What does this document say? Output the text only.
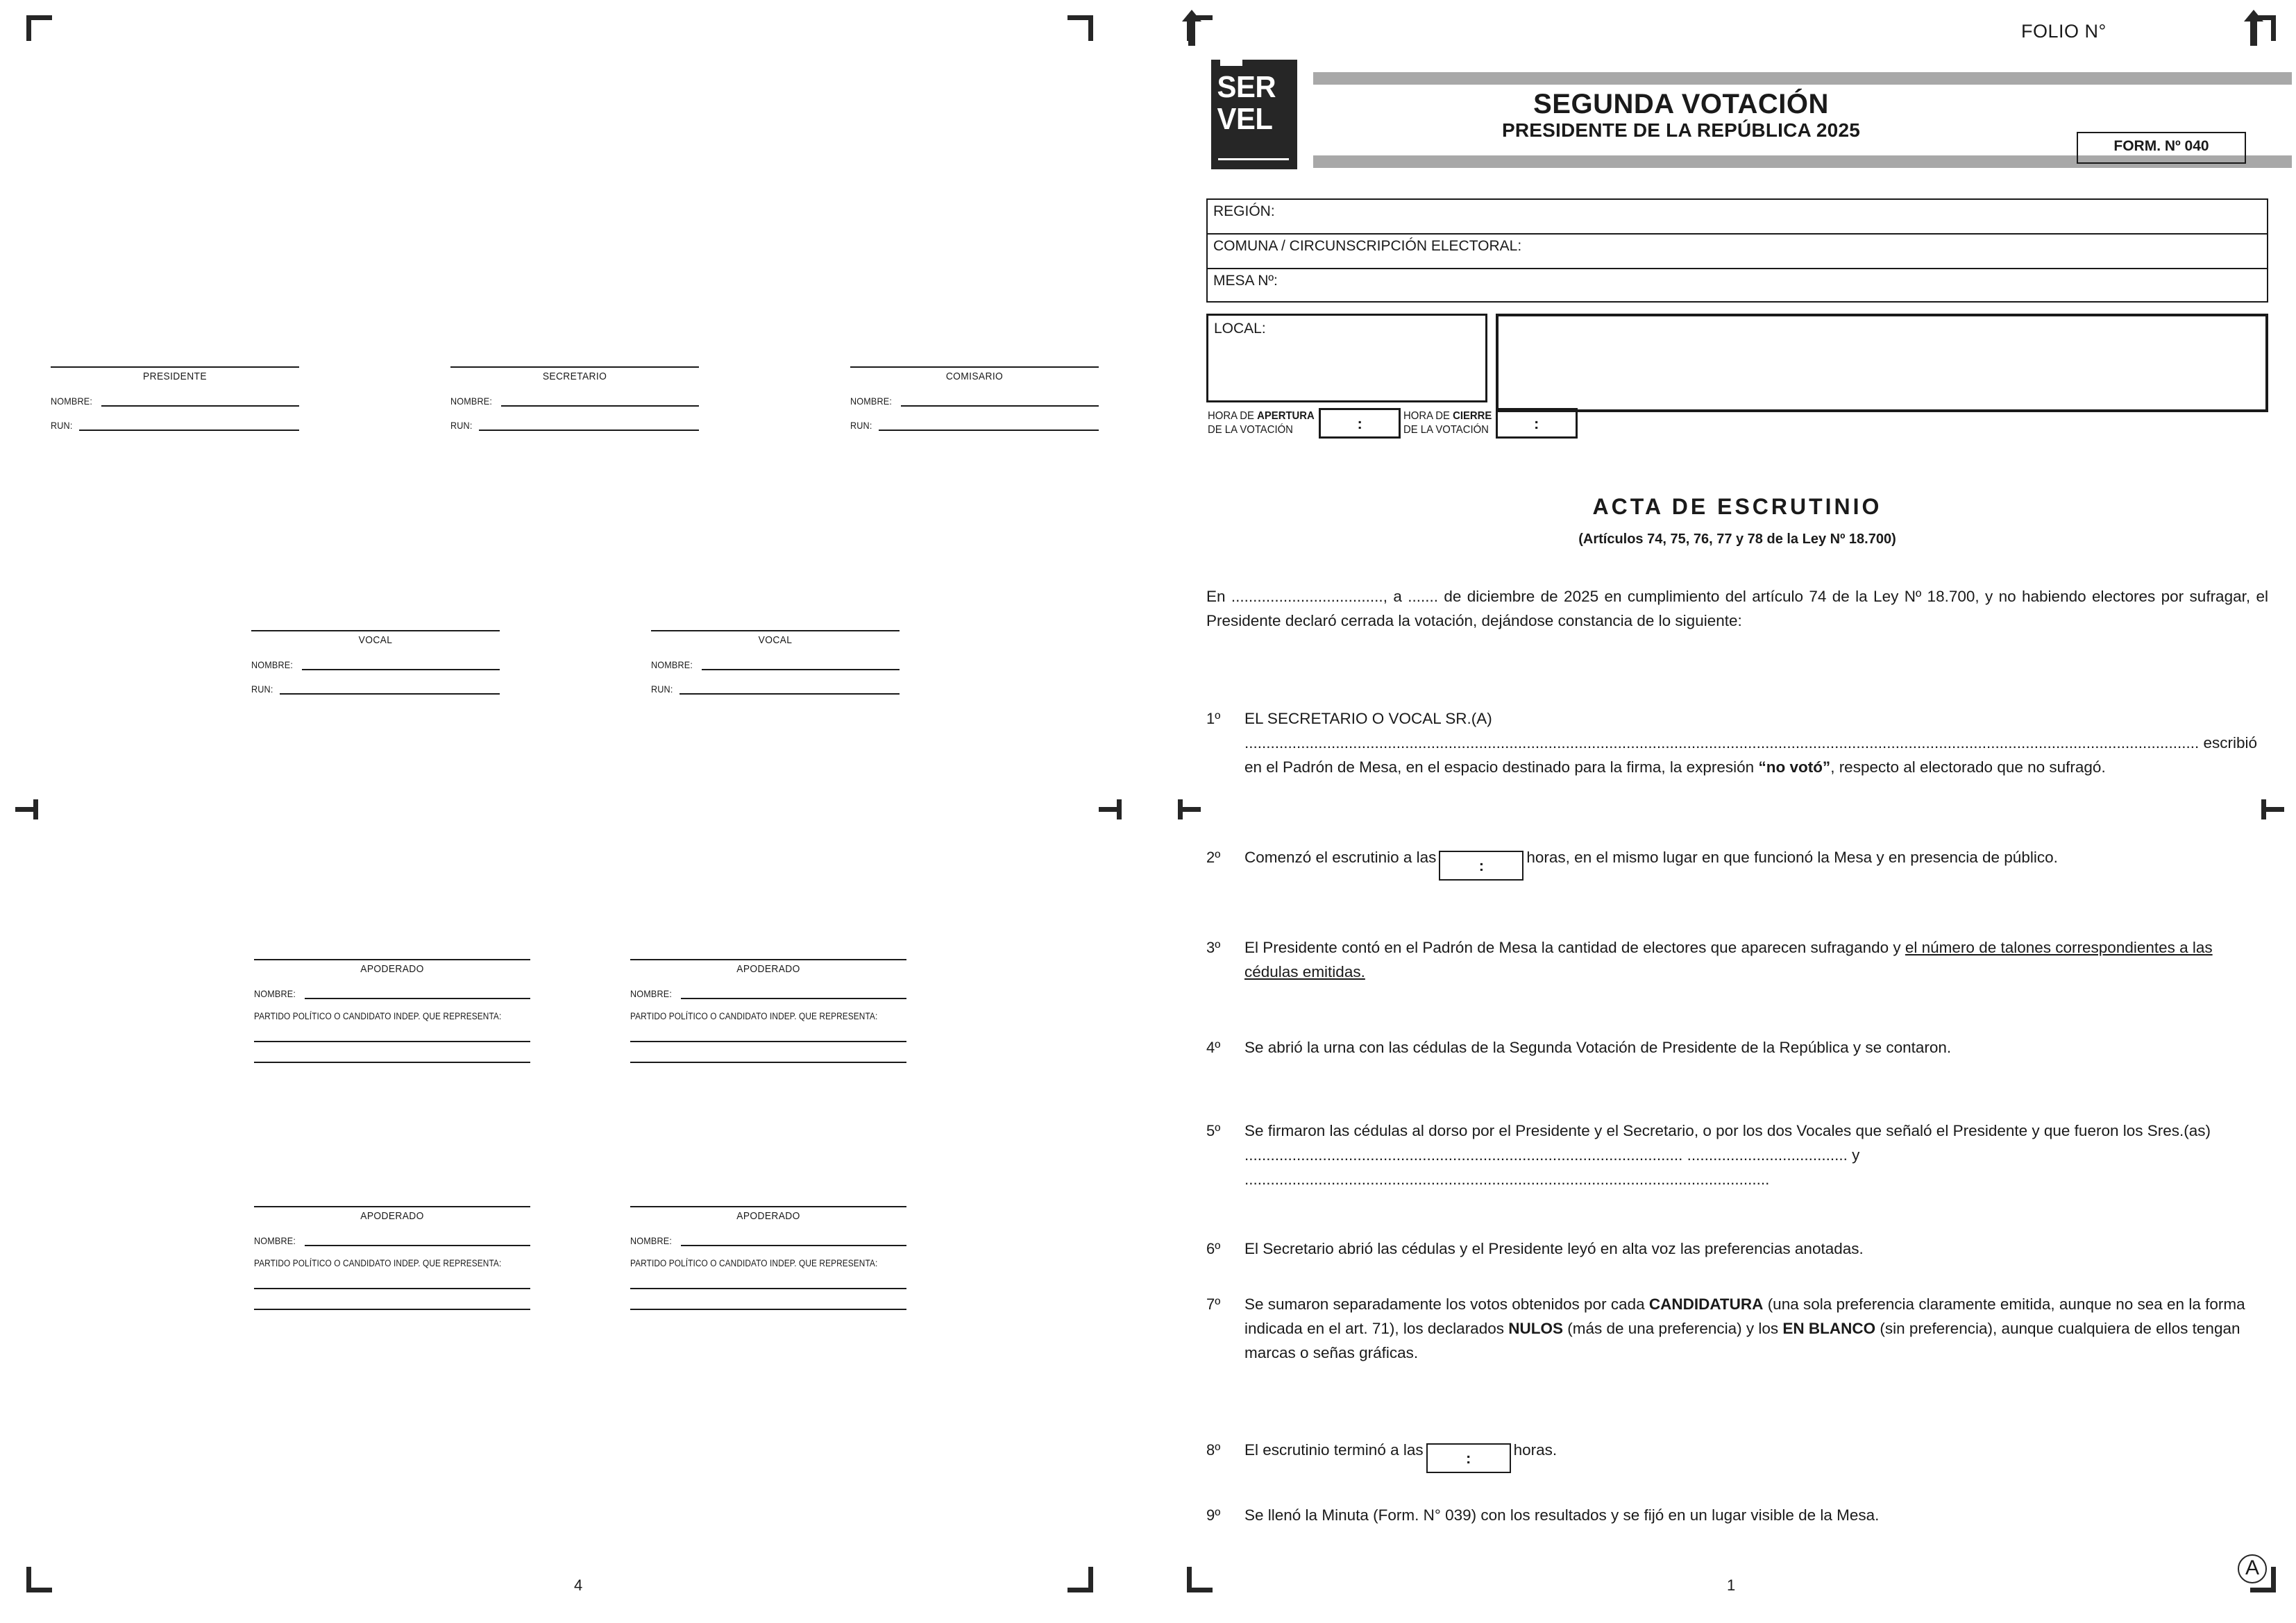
A
4	1
PRESIDENTE
NOMBRE:
RUN:
SECRETARIO
NOMBRE:
RUN:
COMISARIO
NOMBRE:
RUN:
VOCAL
NOMBRE:
RUN:
VOCAL
NOMBRE:
RUN:
APODERADO
NOMBRE:
PARTIDO POLÍTICO O CANDIDATO INDEP. QUE REPRESENTA:
APODERADO
NOMBRE:
PARTIDO POLÍTICO O CANDIDATO INDEP. QUE REPRESENTA:
APODERADO
NOMBRE:
PARTIDO POLÍTICO O CANDIDATO INDEP. QUE REPRESENTA:
APODERADO
NOMBRE:
PARTIDO POLÍTICO O CANDIDATO INDEP. QUE REPRESENTA:
SER
VEL
FOLIO N°
SEGUNDA VOTACIÓN
PRESIDENTE DE LA REPÚBLICA 2025
FORM. Nº 040
REGIÓN:
COMUNA / CIRCUNSCRIPCIÓN ELECTORAL:
MESA Nº:
LOCAL:
HORA DE APERTURA
DE LA VOTACIÓN	:	HORA DE CIERRE
DE LA VOTACIÓN	:
ACTA DE ESCRUTINIO
(Artículos 74, 75, 76, 77 y 78 de la Ley Nº 18.700)
En ..................................., a ....... de diciembre de 2025 en cumplimiento del artículo 74 de la Ley Nº 18.700, y no habiendo electores por sufragar, el Presidente declaró cerrada la votación, dejándose constancia de lo siguiente:
1º	EL SECRETARIO O VOCAL SR.(A) ............................................................................................................................................................................................................................ escribió en el Padrón de Mesa, en el espacio destinado para la firma, la expresión “no votó”, respecto al electorado que no sufragó.
2º	Comenzó el escrutinio a las	:	horas, en el mismo lugar en que funcionó la Mesa y en presencia de público.
3º	El Presidente contó en el Padrón de Mesa la cantidad de electores que aparecen sufragando y el número de talones correspondientes a las cédulas emitidas.
4º	Se abrió la urna con las cédulas de la Segunda Votación de Presidente de la República y se contaron.
5º	Se firmaron las cédulas al dorso por el Presidente y el Secretario, o por los dos Vocales que señaló el Presidente y que fueron los Sres.(as) ..................................................................................................... ..................................... y .........................................................................................................................
6º	El Secretario abrió las cédulas y el Presidente leyó en alta voz las preferencias anotadas.
7º	Se sumaron separadamente los votos obtenidos por cada CANDIDATURA (una sola preferencia claramente emitida, aunque no sea en la forma indicada en el art. 71), los declarados NULOS (más de una preferencia) y los EN BLANCO (sin preferencia), aunque cualquiera de ellos tengan marcas o señas gráficas.
8º	El escrutinio terminó a las	:	horas.
9º	Se llenó la Minuta (Form. N° 039) con los resultados y se fijó en un lugar visible de la Mesa.
